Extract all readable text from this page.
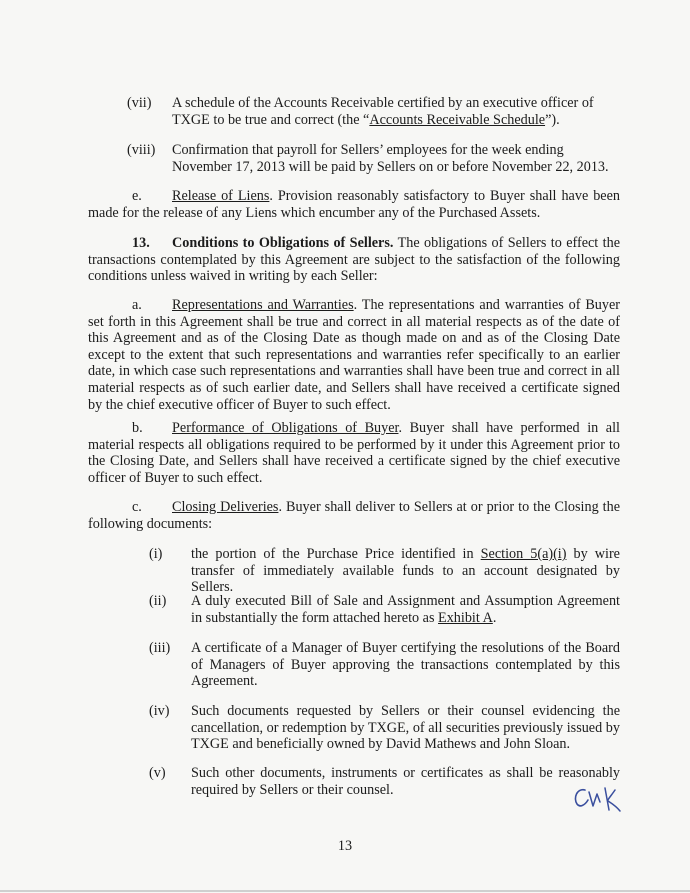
(vii)	A schedule of the Accounts Receivable certified by an executive officer of TXGE to be true and correct (the “Accounts Receivable Schedule”).
(viii)	Confirmation that payroll for Sellers’ employees for the week ending November 17, 2013 will be paid by Sellers on or before November 22, 2013.
e. Release of Liens. Provision reasonably satisfactory to Buyer shall have been made for the release of any Liens which encumber any of the Purchased Assets.
13. Conditions to Obligations of Sellers. The obligations of Sellers to effect the transactions contemplated by this Agreement are subject to the satisfaction of the following conditions unless waived in writing by each Seller:
a. Representations and Warranties. The representations and warranties of Buyer set forth in this Agreement shall be true and correct in all material respects as of the date of this Agreement and as of the Closing Date as though made on and as of the Closing Date except to the extent that such representations and warranties refer specifically to an earlier date, in which case such representations and warranties shall have been true and correct in all material respects as of such earlier date, and Sellers shall have received a certificate signed by the chief executive officer of Buyer to such effect.
b. Performance of Obligations of Buyer. Buyer shall have performed in all material respects all obligations required to be performed by it under this Agreement prior to the Closing Date, and Sellers shall have received a certificate signed by the chief executive officer of Buyer to such effect.
c. Closing Deliveries. Buyer shall deliver to Sellers at or prior to the Closing the following documents:
(i)	the portion of the Purchase Price identified in Section 5(a)(i) by wire transfer of immediately available funds to an account designated by Sellers.
(ii)	A duly executed Bill of Sale and Assignment and Assumption Agreement in substantially the form attached hereto as Exhibit A.
(iii)	A certificate of a Manager of Buyer certifying the resolutions of the Board of Managers of Buyer approving the transactions contemplated by this Agreement.
(iv)	Such documents requested by Sellers or their counsel evidencing the cancellation, or redemption by TXGE, of all securities previously issued by TXGE and beneficially owned by David Mathews and John Sloan.
(v)	Such other documents, instruments or certificates as shall be reasonably required by Sellers or their counsel.
13
